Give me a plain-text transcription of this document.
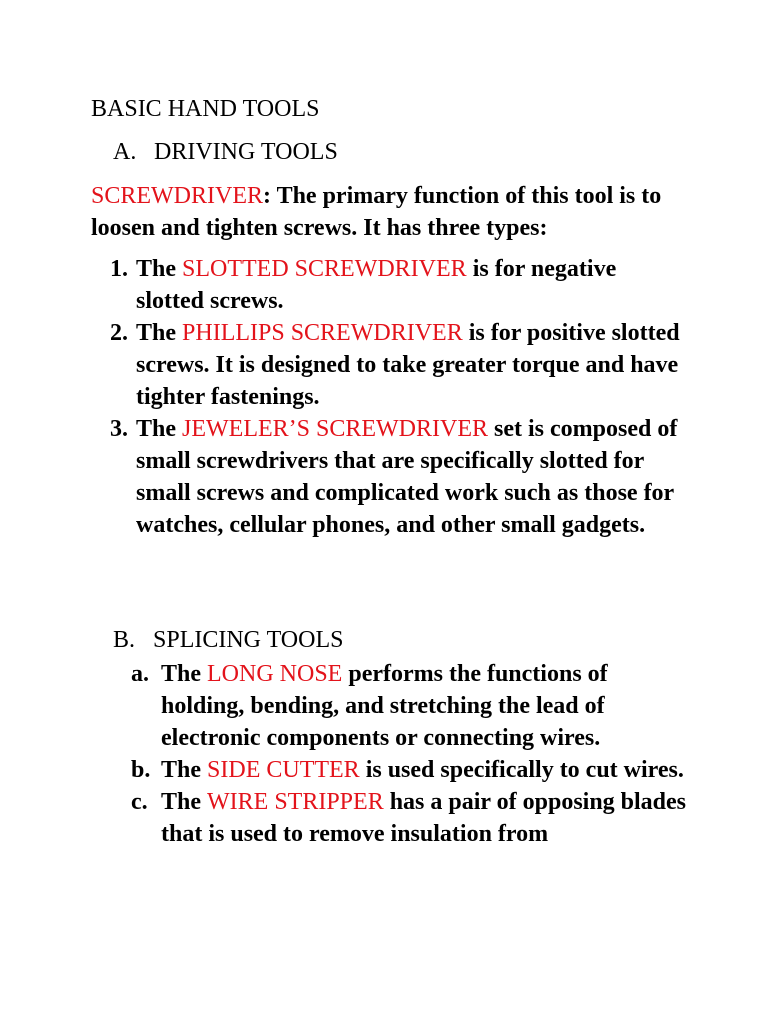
BASIC HAND TOOLS
A. DRIVING TOOLS
SCREWDRIVER: The primary function of this tool is to loosen and tighten screws. It has three types:
1. The SLOTTED SCREWDRIVER is for negative slotted screws.
2. The PHILLIPS SCREWDRIVER is for positive slotted screws. It is designed to take greater torque and have tighter fastenings.
3. The JEWELER’S SCREWDRIVER set is composed of small screwdrivers that are specifically slotted for small screws and complicated work such as those for watches, cellular phones, and other small gadgets.
B. SPLICING TOOLS
a. The LONG NOSE performs the functions of holding, bending, and stretching the lead of electronic components or connecting wires.
b. The SIDE CUTTER is used specifically to cut wires.
c. The WIRE STRIPPER has a pair of opposing blades that is used to remove insulation from
